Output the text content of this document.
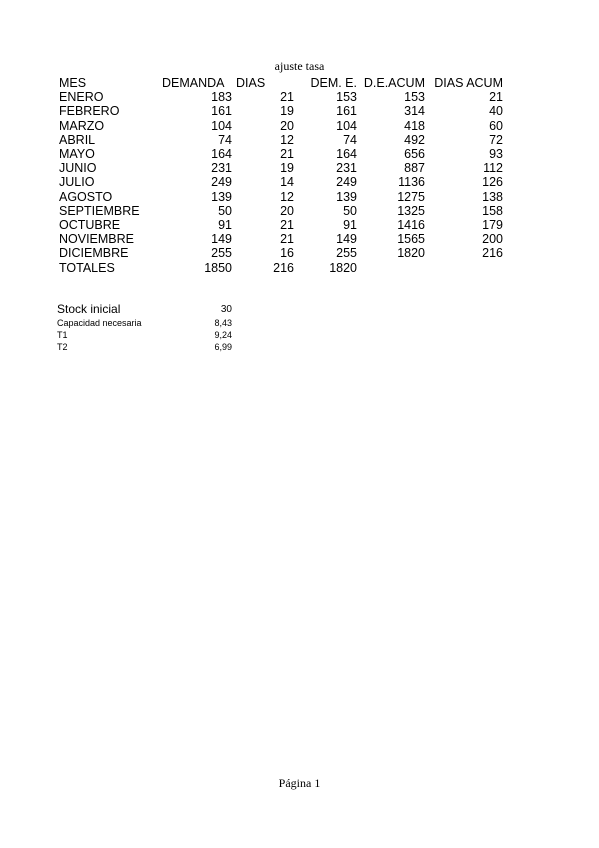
ajuste tasa
MES	DEMANDA	DIAS	DEM. E.	D.E.ACUM	DIAS ACUM
ENERO	183	21	153	153	21
FEBRERO	161	19	161	314	40
MARZO	104	20	104	418	60
ABRIL	74	12	74	492	72
MAYO	164	21	164	656	93
JUNIO	231	19	231	887	112
JULIO	249	14	249	1136	126
AGOSTO	139	12	139	1275	138
SEPTIEMBRE	50	20	50	1325	158
OCTUBRE	91	21	91	1416	179
NOVIEMBRE	149	21	149	1565	200
DICIEMBRE	255	16	255	1820	216
TOTALES	1850	216	1820		
Stock inicial	30
Capacidad necesaria	8,43
T1	9,24
T2	6,99
Página 1
